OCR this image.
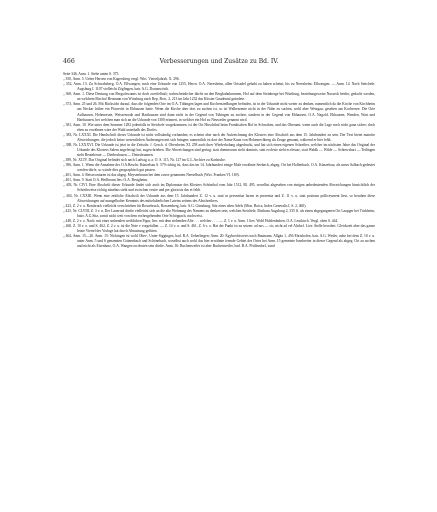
466	Verbesserungen und Zusätze zu Bd. IV.

Seite 346, Anm. 1. Siehe unten S. 375.

„ 350, Anm. 5. Ueber Heroen von Kagersberg vergl. Wirt. Vierteljahrsh. X. 296.

„ 352, Anm. 13. Zu Schwabsberg, O.A. Ellwangen, noch eine Urkunde von 1255, Herrn. O.A. Neresheim, allen Ortsadel gehabt zu haben scheint, bis zu Neresheim: Ellwangen. — Anm. 14. Nach Steichele, Augsburg I. 1107 vielleicht Zöglingen, bair. A.G. Donauwörth.

„ 360, Anm. 1. Diese Deutung von Bergschwanns ist doch zweifelhaft; wahrscheinlicher dürfte an den Bergbahnbrunnen, Hof auf dem Steinberge bei Würtburg, beziehungsweise Nusseck beider, gedacht werden, an welchem Bischof Hermann von Würzburg nach Rep. Boic. 2, 213 im Jahr 1232 das Kloster Gnadental gründete.

„ 373, Anm. 25 und 26. Mit Rücksicht darauf, dass die folgenden Orte im O.A. Tübingen lagen und Kirchensiedlungen befinden, ist in der Urkunde nicht weiter zu denken, namentlich da die Kirche von Kirchheim am Neckar früher ein Pfarrecht in Ebhausen hatte. Wenn die Kirche aber dort zu suchen ist, so ist Walhenreute nicht in der Nähe zu suchen, wohl aber Wetzgau, gesehen am Kochersee. Die Orte Aufhausen, Hohenreute, Weissenrode und Harthausen sind dann nicht in der Gegend von Tübingen zu suchen, sondern in der Gegend von Ebhausen, O.A. Nagold, Ebhausen, Wenden, Wart und Harthausen, bei welchen man sich an die Urkunde von 1300 erinnert, in welcher ein Hof zu Neuweiler genannt wird.

„ 381, Anm. 10. Wie unter dem Sommer 1282 jedenfalls in Steichele vorgekommen, ist der Ort Hirschthal beim Frankischen Hof in Schwaben, und das Oberamt, wenn auch die Lage noch nicht ganz sicher; doch eben zu erwähnen wäre der Wald unterhalb des Dorfes.

„ 383, Nr. LXXXI. Die Handschrift dieser Urkunde ist nicht vollständig vorhanden; es scheint aber nach der Aufzeichnung des Klosters eine Abschrift aus dem 15. Jahrhundert zu sein. Der Text bietet manche Abweichungen, die jedoch keine wesentlichen Änderungen mit sich bringen; namentlich ist dort der Name Kunz von Hohenrechberg als Zeuge genannt, während er hier fehlt.

„ 388, Nr. LXXXVI. Die Urkunde ist jetzt in die Zeitschr. f. Gesch. d. Oberrheins XI, 258 auch ihrer Wiederholung abgedruckt, und hat sich einen eigenen Schreiber, welcher im nächsten Jahre das Original der Urkunde des Klosters Salem angefertigt hat, zugeschrieben. Die Abweichungen sind gering: statt dominorum steht dominis, statt ecclesie steht ecclesiae, statt Waldk — Wilde — Schiewshart — Teilingen steht Beutelreute — Dietbeshusen — Deinsbrunnen.

„ 389, Nr. XCIV. Das Original befindet sich nach Ludwig u. a. O. S. 115, Nr. 127 im G.L.Archive zu Karlsruhe.

„ 396, Anm. 1. Wenn die Annahme der O.A.Beschr. Künzelsau S. 579 richtig ist, dass das im 14. Jahrhundert einige Male erwähnte Seebach, abgeg. Ort bei Hollenbach, O.A. Künzelsau, als unser Salbach gedeutet werden dürfe, so würde dies geographisch gut passen.

„ 401, Anm. 4. Reiseconturen ist das abgeg. Meysenbrunn bei dem zuvor genannten Neeselbach (Wirt. Franken VI. 169).

„ 401, Anm. 9. Statt O.A. Heilbronn lies: O.A. Besigheim.

„ 403, Nr. CIVI. Eine Abschrift dieser Urkunde findet sich auch im Diplomatar des Klosters Schönthal vom Jahr 1512, Bl. 495, woselbst abgesehen von einigen unbedeutenden Abweichungen hinsichtlich der Schreibweise richtig zünebus steht und zwischen vestre und per gloriosis das et fehlt.

„ 404, Nr. CXXIII. Wenn eine zeitliche Abschrift der Urkunde aus dem 15. Jahrhundert Z. 12 v. u. statt in presentiae larem in presentia und Z. 11 v. u. statt postrum polliceyment liest, so beruhen diese Abweichungen auf mangelhafter Kenntnis des mittelalterlichen Lateins seitens des Abschreibers.

„ 423, Z. 2 v. u. Rossbruck vielleicht verschrieben für Rossebruck, Rossemberg, bair. A.G. Günzburg, Sitz eines alten Adels (Mon. Boica, Index Generalis I, S. 2, 460).

„ 425, Nr. CLVIII, Z. 3 v. u. Der Lauerrad dürfte vielleicht sich an die alte Wohnung des Namens zu denken sein, welchen Steichele, Bisthum Augsburg 2, 335 ff. als einen abgegangenen Ort Laupger bei Türkheim, bairr. A.G.Sitz, somit nicht weit von dem vorhergehenden Orte Schöppach, nachweist.

„ 448, Z. 2 v. o. Nach: mit einer stehenden weiblichen Figur, lies: mit dem stehenden Alte . . . welcher . . . . — Z. 1 v. u. Anm. 1 lies: Wohl Hohlenbuhen, O.A. Leutkirch. Vergl. oben S. 444.

„ 460, Z. 10 v. o. und S. 462, Z. 2 v. u. ist die Note v vorgefallen. — Z. 14 v. u. und S. 461, Z. 6 v. o. Hat der Punkt ist zu setzen: ad nos — sic, nicht ad vel Altdorf. Lies: Stelle beordert. Gleichzeit aber das ganze letzte Viertel der Vorlage hat durch Abnutzung gelitten.

„ 462, Anm. 15—20. Anm. 15: Nickingen ist wohl Ober-, Unter-Siggingen, bad. B.A. Ueberlingen; Anm. 20: Egybrechtswies nach Baumann, Allgäu 1, 456 Ehrishofen, bair. A.G. Weiler, nahe bei dem Z. 10 v. u. unter Anm. 5 und 6 genannten Grünenbach und Schönebach, woselbst auch wohl das hier erwähnte fremde Gebiet des Ortes bei Anm. 15 gemeinte Isenbretier in dieser Gegend als abgeg. Ort zu suchen und nicht als Eisenharz, O.A. Wangen zu deuten sein dürfte. Anm. 16: Buchenweiler ist aber Buchenweiler, bad. B.A. Pfullendorf, sund
